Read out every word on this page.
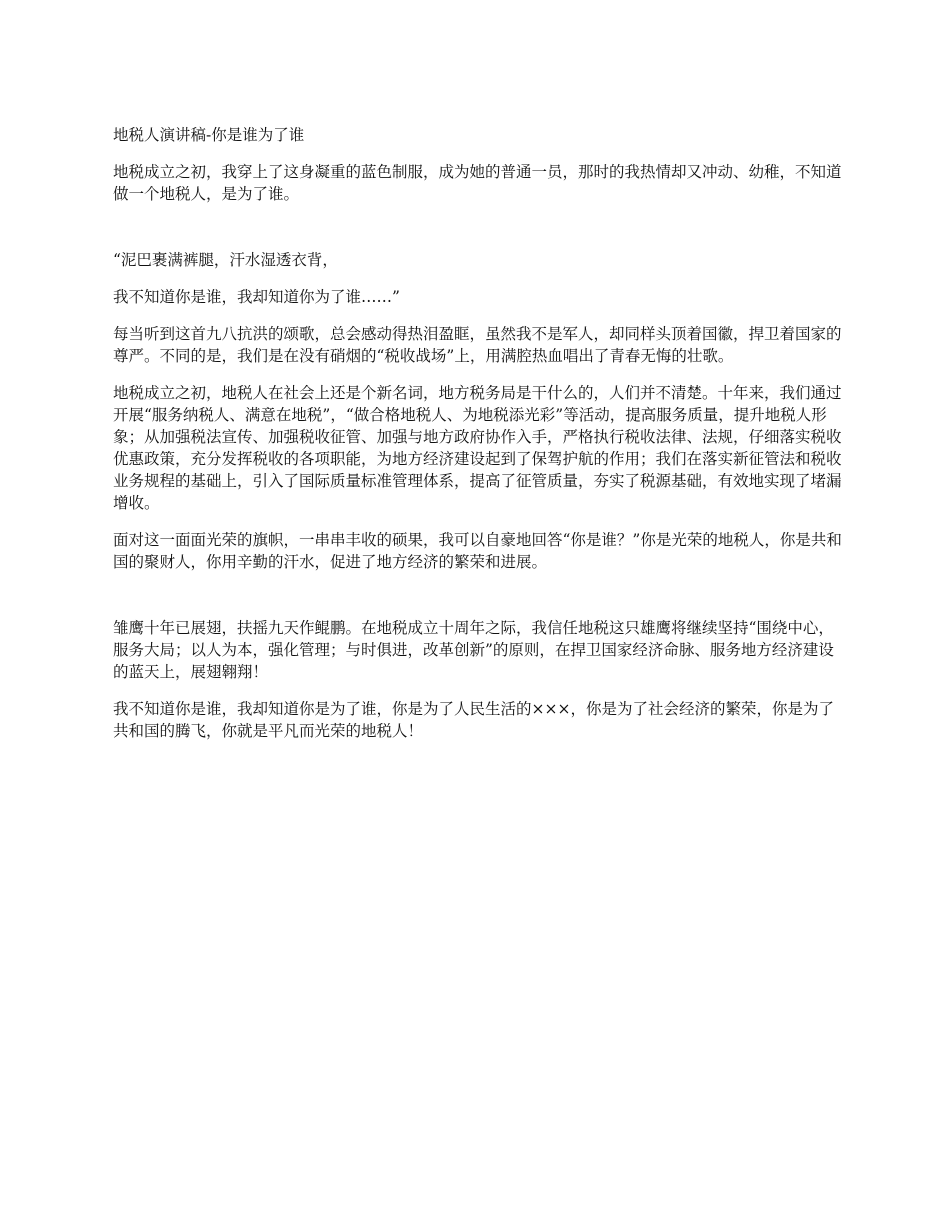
地税人演讲稿-你是谁为了谁

地税成立之初，我穿上了这身凝重的蓝色制服，成为她的普通一员，那时的我热情却又冲动、幼稚，不知道做一个地税人，是为了谁。

“泥巴裹满裤腿，汗水湿透衣背，

我不知道你是谁，我却知道你为了谁……”

每当听到这首九八抗洪的颂歌，总会感动得热泪盈眶，虽然我不是军人，却同样头顶着国徽，捍卫着国家的尊严。不同的是，我们是在没有硝烟的“税收战场”上，用满腔热血唱出了青春无悔的壮歌。

地税成立之初，地税人在社会上还是个新名词，地方税务局是干什么的，人们并不清楚。十年来，我们通过开展“服务纳税人、满意在地税”，“做合格地税人、为地税添光彩”等活动，提高服务质量，提升地税人形象；从加强税法宣传、加强税收征管、加强与地方政府协作入手，严格执行税收法律、法规，仔细落实税收优惠政策，充分发挥税收的各项职能，为地方经济建设起到了保驾护航的作用；我们在落实新征管法和税收业务规程的基础上，引入了国际质量标准管理体系，提高了征管质量，夯实了税源基础，有效地实现了堵漏增收。

面对这一面面光荣的旗帜，一串串丰收的硕果，我可以自豪地回答“你是谁？”你是光荣的地税人，你是共和国的聚财人，你用辛勤的汗水，促进了地方经济的繁荣和进展。

雏鹰十年已展翅，扶摇九天作鲲鹏。在地税成立十周年之际，我信任地税这只雄鹰将继续坚持“围绕中心，服务大局；以人为本，强化管理；与时俱进，改革创新”的原则，在捍卫国家经济命脉、服务地方经济建设的蓝天上，展翅翱翔！

我不知道你是谁，我却知道你是为了谁，你是为了人民生活的×××，你是为了社会经济的繁荣，你是为了共和国的腾飞，你就是平凡而光荣的地税人！
